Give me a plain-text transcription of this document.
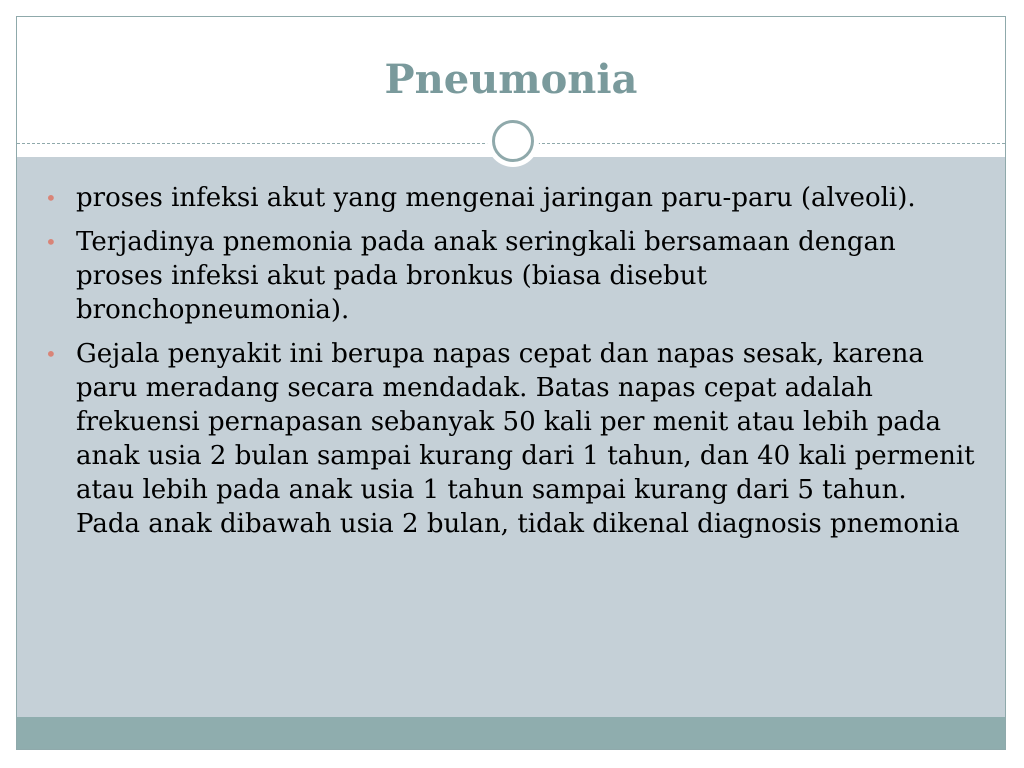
Pneumonia
• proses infeksi akut yang mengenai jaringan paru-paru (alveoli).
• Terjadinya pnemonia pada anak seringkali bersamaan dengan proses infeksi akut pada bronkus (biasa disebut bronchopneumonia).
• Gejala penyakit ini berupa napas cepat dan napas sesak, karena paru meradang secara mendadak. Batas napas cepat adalah frekuensi pernapasan sebanyak 50 kali per menit atau lebih pada anak usia 2 bulan sampai kurang dari 1 tahun, dan 40 kali permenit atau lebih pada anak usia 1 tahun sampai kurang dari 5 tahun. Pada anak dibawah usia 2 bulan, tidak dikenal diagnosis pnemonia
